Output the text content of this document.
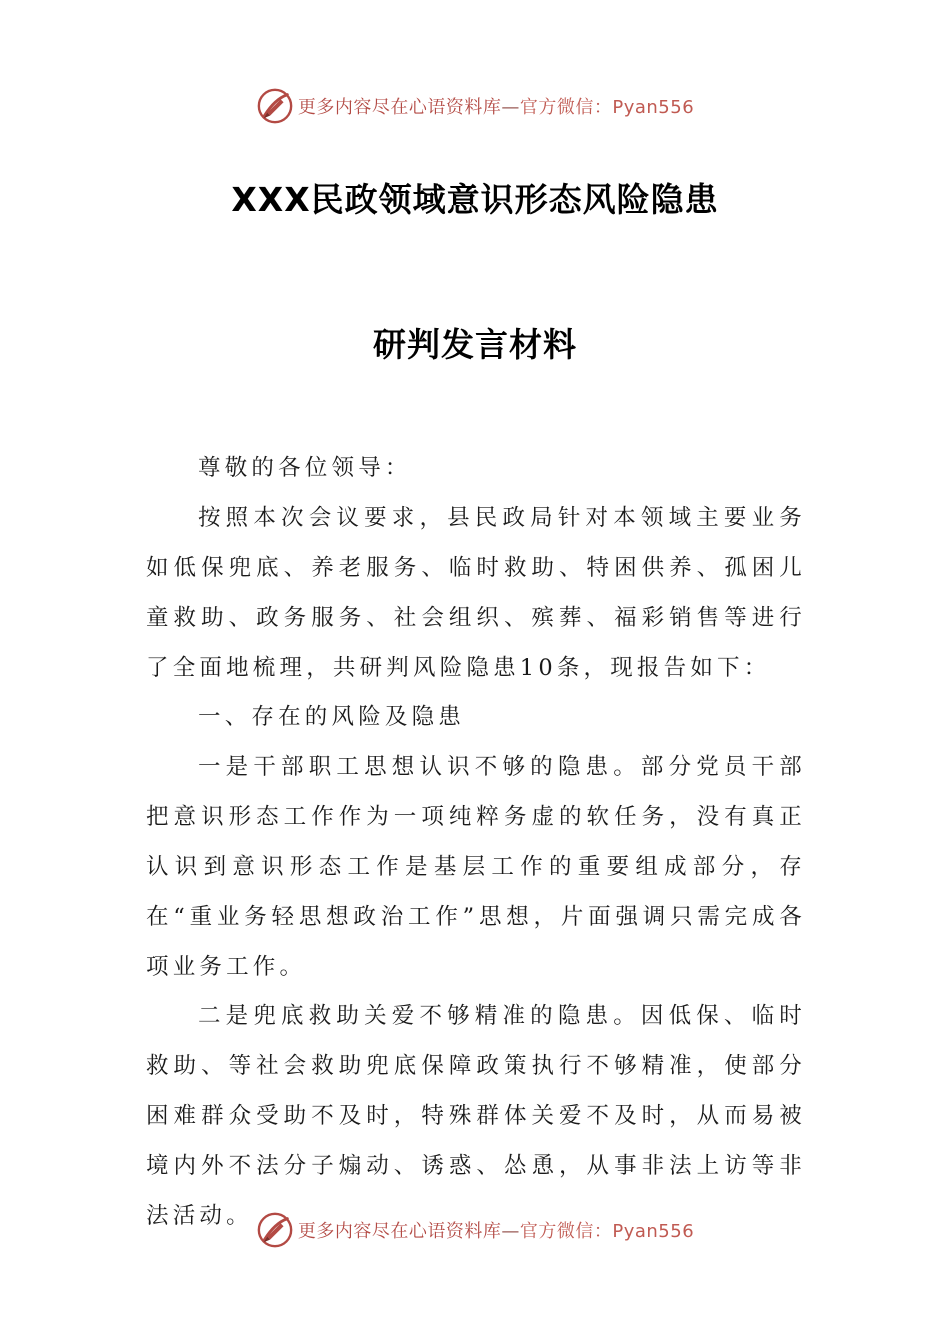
更多内容尽在心语资料库—官方微信：Pyan556
XXX民政领域意识形态风险隐患
研判发言材料

尊敬的各位领导：

按照本次会议要求，县民政局针对本领域主要业务如低保兜底、养老服务、临时救助、特困供养、孤困儿童救助、政务服务、社会组织、殡葬、福彩销售等进行了全面地梳理，共研判风险隐患10条，现报告如下：

一、存在的风险及隐患

一是干部职工思想认识不够的隐患。部分党员干部把意识形态工作作为一项纯粹务虚的软任务，没有真正认识到意识形态工作是基层工作的重要组成部分，存在“重业务轻思想政治工作”思想，片面强调只需完成各项业务工作。

二是兜底救助关爱不够精准的隐患。因低保、临时救助、等社会救助兜底保障政策执行不够精准，使部分困难群众受助不及时，特殊群体关爱不及时，从而易被境内外不法分子煽动、诱惑、怂恿，从事非法上访等非法活动。

更多内容尽在心语资料库—官方微信：Pyan556
